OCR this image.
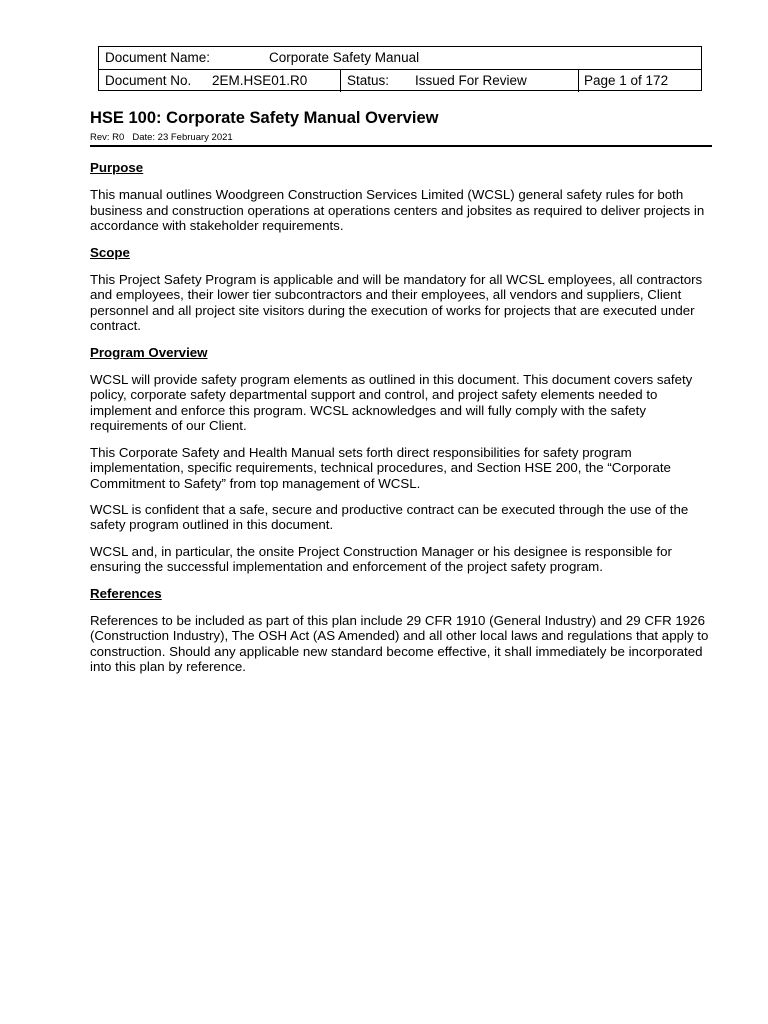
Document Name:	Corporate Safety Manual
Document No. 2EM.HSE01.R0	Status: Issued For Review	Page 1 of 172
HSE 100: Corporate Safety Manual Overview
Rev: R0 Date: 23 February 2021

Purpose

This manual outlines Woodgreen Construction Services Limited (WCSL) general safety rules for both business and construction operations at operations centers and jobsites as required to deliver projects in accordance with stakeholder requirements.

Scope

This Project Safety Program is applicable and will be mandatory for all WCSL employees, all contractors and employees, their lower tier subcontractors and their employees, all vendors and suppliers, Client personnel and all project site visitors during the execution of works for projects that are executed under contract.

Program Overview

WCSL will provide safety program elements as outlined in this document. This document covers safety policy, corporate safety departmental support and control, and project safety elements needed to implement and enforce this program. WCSL acknowledges and will fully comply with the safety requirements of our Client.

This Corporate Safety and Health Manual sets forth direct responsibilities for safety program implementation, specific requirements, technical procedures, and Section HSE 200, the “Corporate Commitment to Safety” from top management of WCSL.

WCSL is confident that a safe, secure and productive contract can be executed through the use of the safety program outlined in this document.

WCSL and, in particular, the onsite Project Construction Manager or his designee is responsible for ensuring the successful implementation and enforcement of the project safety program.

References

References to be included as part of this plan include 29 CFR 1910 (General Industry) and 29 CFR 1926 (Construction Industry), The OSH Act (AS Amended) and all other local laws and regulations that apply to construction. Should any applicable new standard become effective, it shall immediately be incorporated into this plan by reference.
